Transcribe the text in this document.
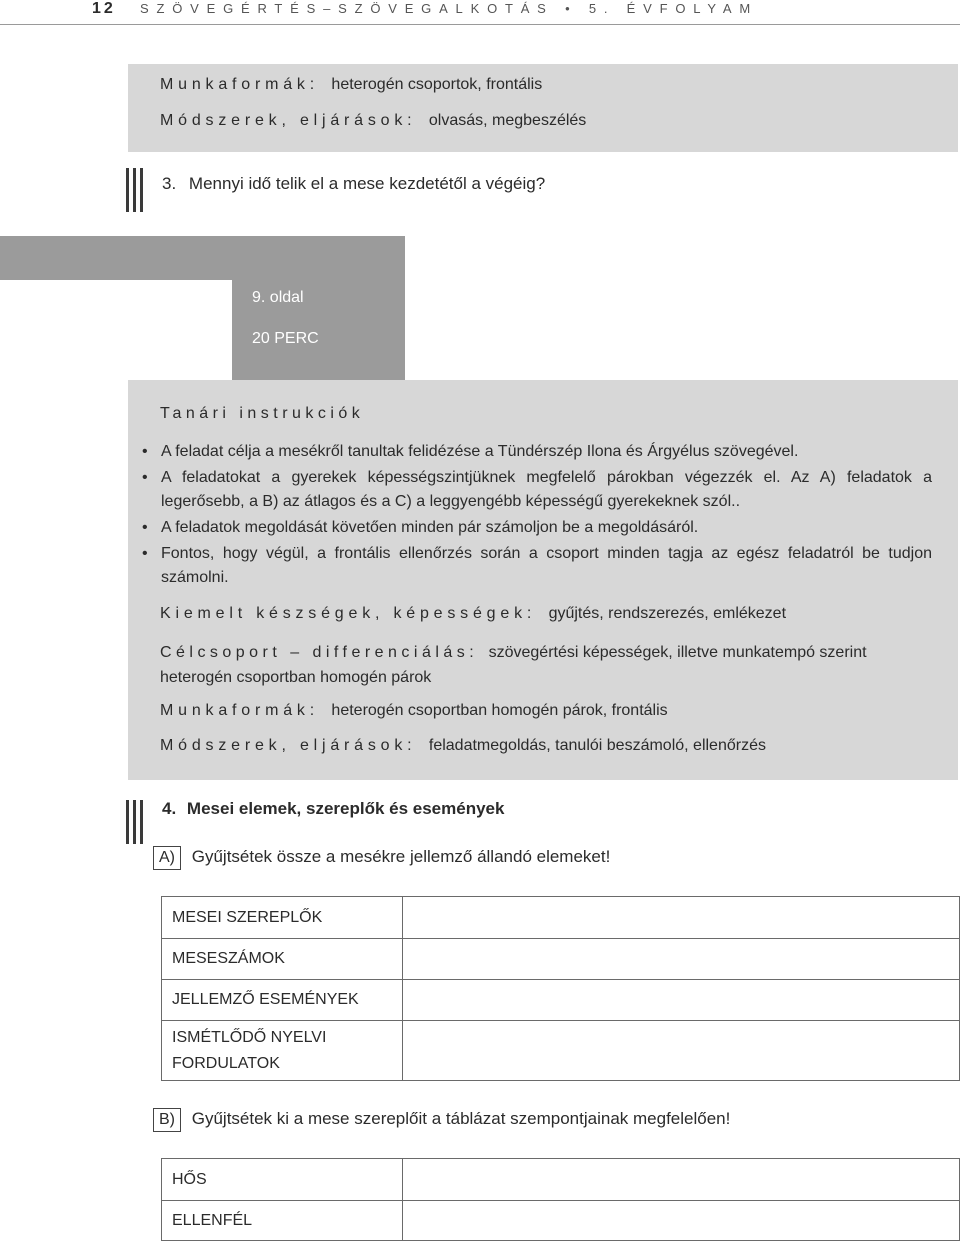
12 SZÖVEGÉRTÉS–SZÖVEGALKOTÁS • 5. ÉVFOLYAM
Munkaformák: heterogén csoportok, frontális
Módszerek, eljárások: olvasás, megbeszélés
3. Mennyi idő telik el a mese kezdetétől a végéig?
T/4.	9. oldal
20 PERC
Tanári instrukciók
• A feladat célja a mesékről tanultak felidézése a Tündérszép Ilona és Árgyélus szövegével.
• A feladatokat a gyerekek képességszintjüknek megfelelő párokban végezzék el. Az A) feladatok a legerősebb, a B) az átlagos és a C) a leggyengébb képességű gyerekeknek szól..
• A feladatok megoldását követően minden pár számoljon be a megoldásáról.
• Fontos, hogy végül, a frontális ellenőrzés során a csoport minden tagja az egész feladatról be tudjon számolni.
Kiemelt készségek, képességek: gyűjtés, rendszerezés, emlékezet
Célcsoport – differenciálás: szövegértési képességek, illetve munkatempó szerint heterogén csoportban homogén párok
Munkaformák: heterogén csoportban homogén párok, frontális
Módszerek, eljárások: feladatmegoldás, tanulói beszámoló, ellenőrzés
4. Mesei elemek, szereplők és események
A) Gyűjtsétek össze a mesékre jellemző állandó elemeket!
MESEI SZEREPLŐK	
MESESZÁMOK	
JELLEMZŐ ESEMÉNYEK	
ISMÉTLŐDŐ NYELVI FORDULATOK	
B) Gyűjtsétek ki a mese szereplőit a táblázat szempontjainak megfelelően!
HŐS	
ELLENFÉL	
